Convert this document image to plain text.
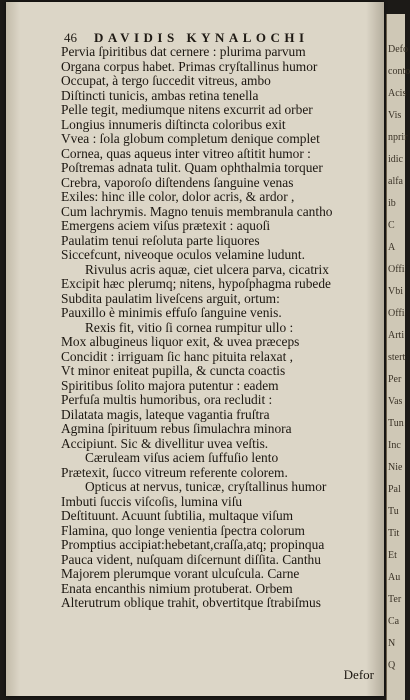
46 DAVIDIS KYNALOCHI
Pervia ſpiritibus dat cernere : plurima parvum
Organa corpus habet. Primas cryſtallinus humor
Occupat, à tergo ſuccedit vitreus, ambo
Diſtincti tunicis, ambas retina tenella
Pelle tegit, mediumque nitens excurrit ad orber
Longius innumeris diſtincta coloribus exit
Vvea : ſola globum completum denique complet
Cornea, quas aqueus inter vitreo aſtitit humor :
Poſtremas adnata tulit. Quam ophthalmia torquer
Crebra, vaporoſo diſtendens ſanguine venas
Exiles: hinc ille color, dolor acris, & ardor ,
Cum lachrymis. Magno tenuis membranula cantho
Emergens aciem viſus prætexit : aquoſi
Paulatim tenui reſoluta parte liquores
Siccefcunt, niveoque oculos velamine ludunt.
Rivulus acris aquæ, ciet ulcera parva, cicatrix
Excipit hæc plerumq; nitens, hypoſphagma rubede
Subdita paulatim liveſcens arguit, ortum:
Pauxillo è minimis effuſo ſanguine venis.
Rexis fit, vitio ſi cornea rumpitur ullo :
Mox albugineus liquor exit, & uvea præceps
Concidit : irriguam ſic hanc pituita relaxat ,
Vt minor eniteat pupilla, & cuncta coactis
Spiritibus ſolito majora putentur : eadem
Perfuſa multis humoribus, ora recludit :
Dilatata magis, lateque vagantia fruſtra
Agmina ſpirituum rebus ſimulachra minora
Accipiunt. Sic & divellitur uvea veſtis.
Cæruleam viſus aciem ſuffuſio lento
Prætexit, ſucco vitreum referente colorem.
Opticus at nervus, tunicæ, cryſtallinus humor
Imbuti ſuccis viſcoſis, lumina viſu
Deſtituunt. Acuunt ſubtilia, multaque viſum
Flamina, quo longe venientia ſpectra colorum
Promptius accipiat:hebetant,craſſa,atq; propinqua
Pauca vident, nuſquam diſcernunt diſſita. Canthu
Majorem plerumque vorant ulcuſcula. Carne
Enata encanthis nimium protuberat. Orbem
Alterutrum oblique trahit, obvertitque ſtrabiſmus
Defor
Defo
conto
Acis
Vis
nprir
idic
alfa
ib
C
A
Offi
Vbi
Offi
Arti
stert
Per
Vas
Tun
Inc
Nie
Pal
Tu
Tit
Et
Au
Ter
Ca
N
Q
